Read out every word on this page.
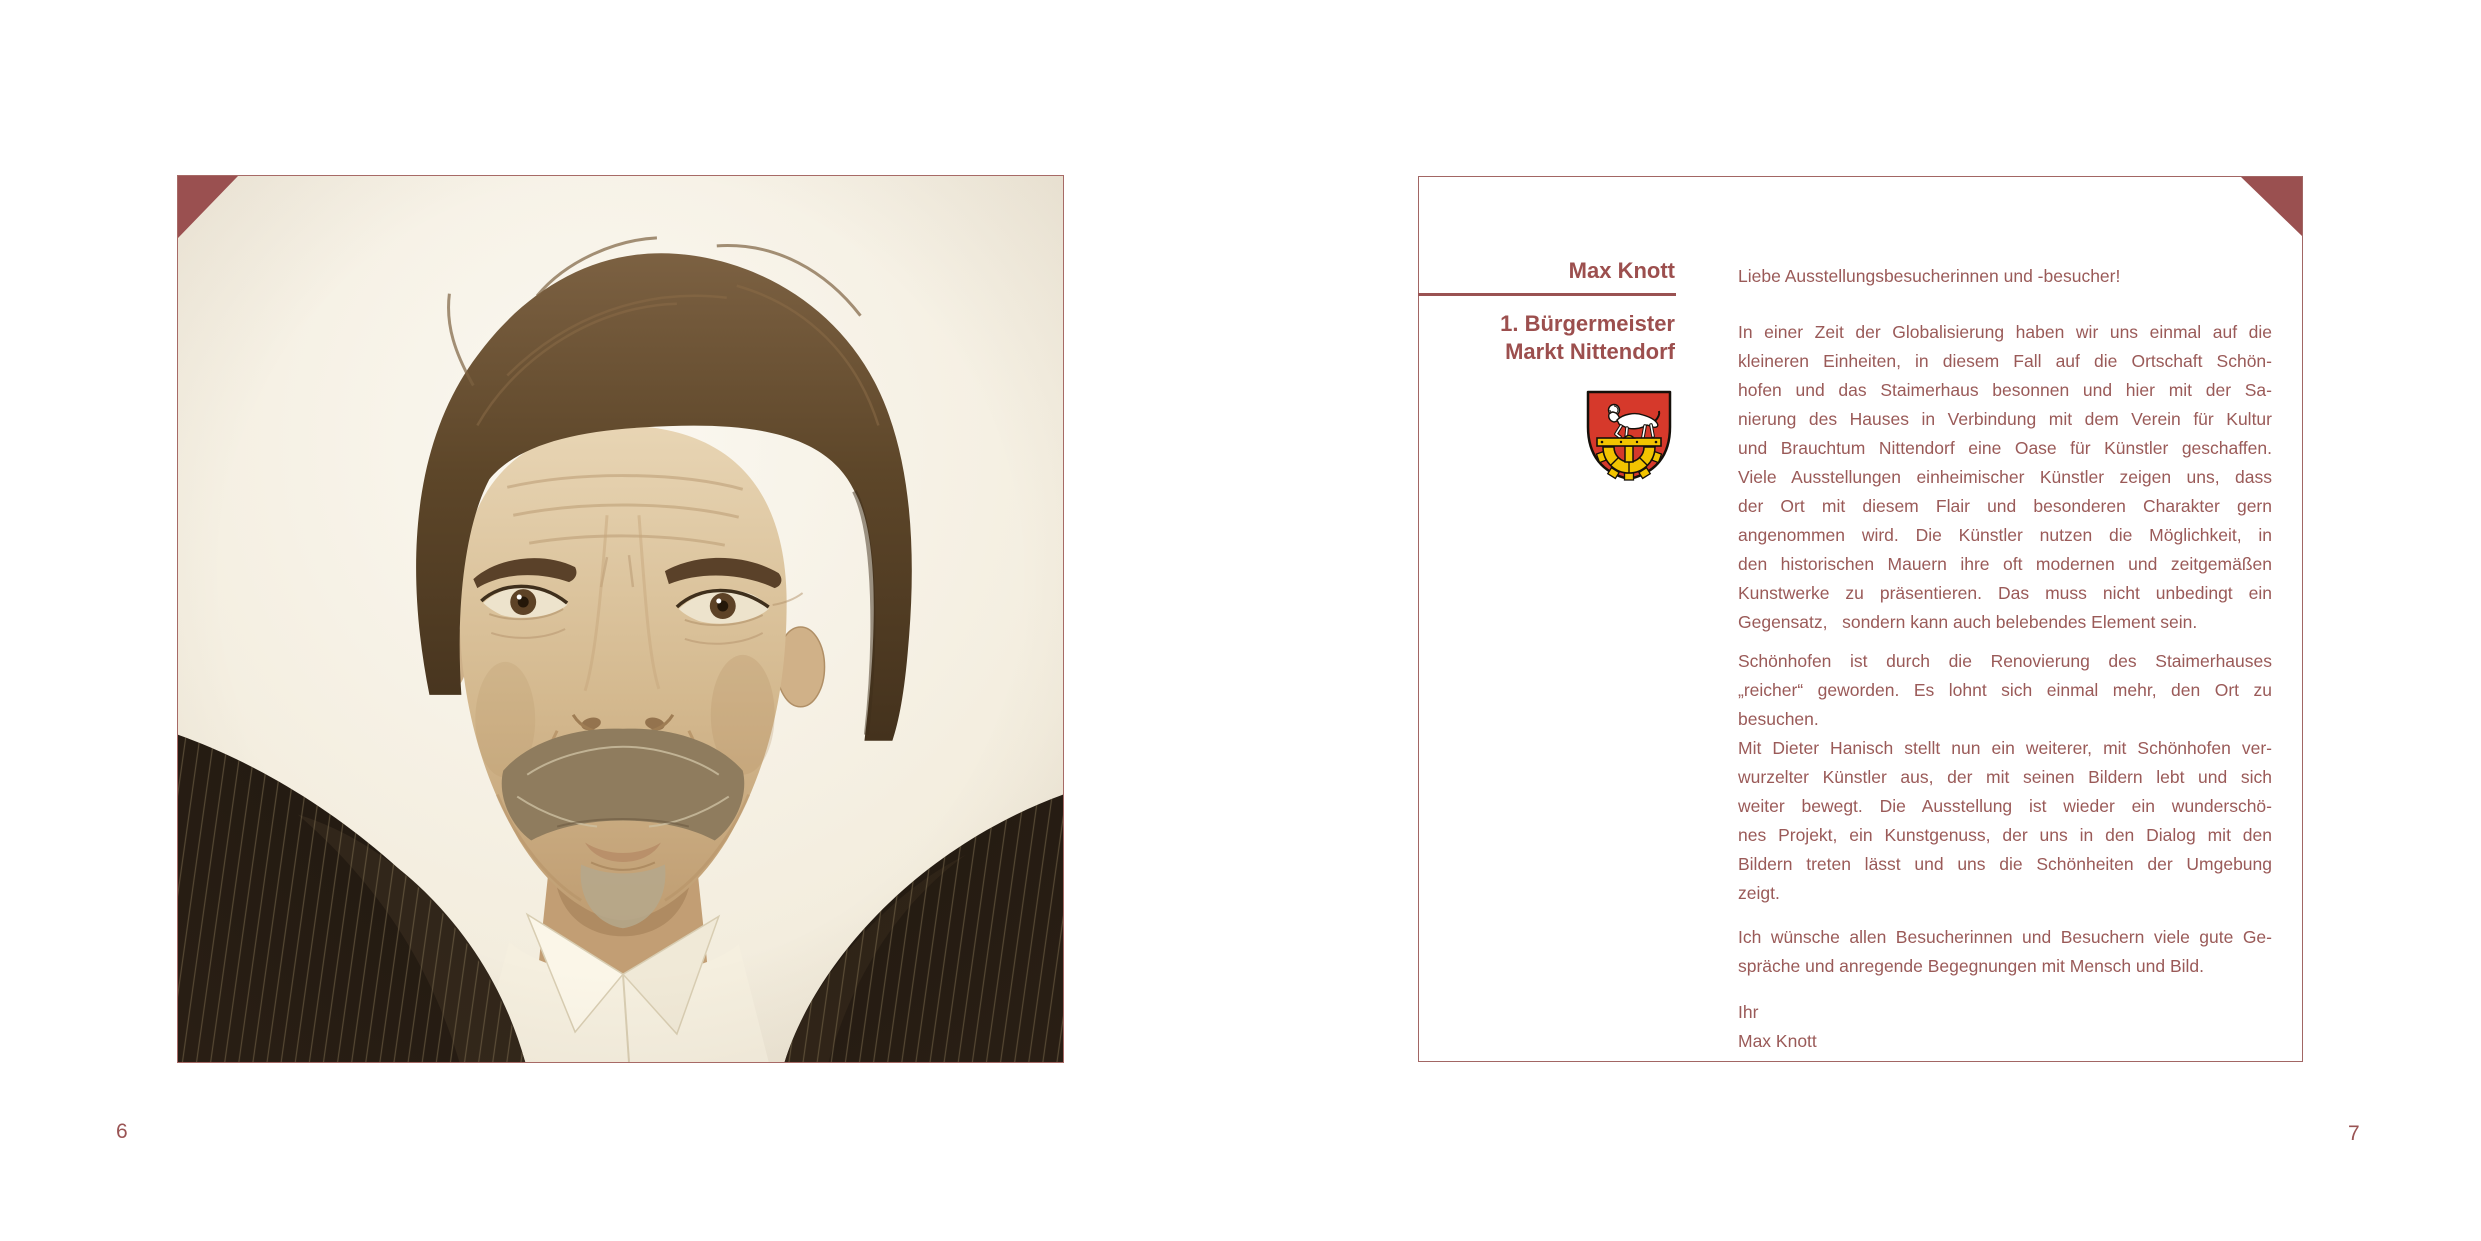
6
Max Knott
1. Bürgermeister
Markt Nittendorf
Liebe Ausstellungsbesucherinnen und -besucher!
In einer Zeit der Globalisierung haben wir uns einmal auf die
kleineren Einheiten, in diesem Fall auf die Ortschaft Schön-
hofen und das Staimerhaus besonnen und hier mit der Sa-
nierung des Hauses in Verbindung mit dem Verein für Kultur
und Brauchtum Nittendorf eine Oase für Künstler geschaffen.
Viele Ausstellungen einheimischer Künstler zeigen uns, dass
der Ort mit diesem Flair und besonderen Charakter gern
angenommen wird. Die Künstler nutzen die Möglichkeit, in
den historischen Mauern ihre oft modernen und zeitgemäßen
Kunstwerke zu präsentieren. Das muss nicht unbedingt ein
Gegensatz,   sondern kann auch belebendes Element sein.
Schönhofen ist durch die Renovierung des Staimerhauses
„reicher“ geworden. Es lohnt sich einmal mehr, den Ort zu
besuchen.
Mit Dieter Hanisch stellt nun ein weiterer, mit Schönhofen ver-
wurzelter Künstler aus, der mit seinen Bildern lebt und sich
weiter bewegt. Die Ausstellung ist wieder ein wunderschö-
nes Projekt, ein Kunstgenuss, der uns in den Dialog mit den
Bildern treten lässt und uns die Schönheiten der Umgebung
zeigt.
Ich wünsche allen Besucherinnen und Besuchern viele gute Ge-
spräche und anregende Begegnungen mit Mensch und Bild.
Ihr
Max Knott
7
